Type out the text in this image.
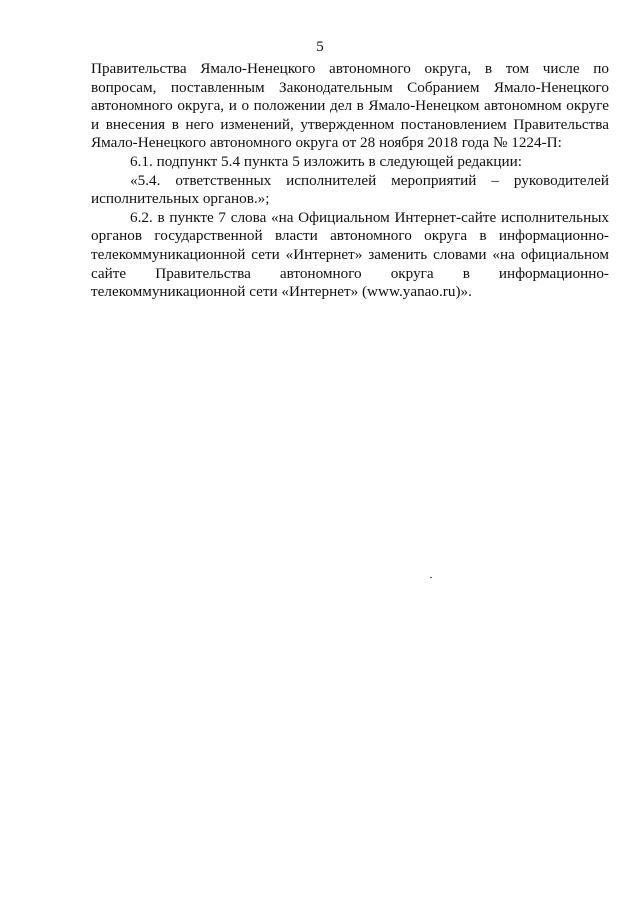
5

Правительства Ямало-Ненецкого автономного округа, в том числе по вопросам, поставленным Законодательным Собранием Ямало-Ненецкого автономного округа, и о положении дел в Ямало-Ненецком автономном округе и внесения в него изменений, утвержденном постановлением Правительства Ямало-Ненецкого автономного округа от 28 ноября 2018 года № 1224-П:

6.1. подпункт 5.4 пункта 5 изложить в следующей редакции:

«5.4. ответственных исполнителей мероприятий – руководителей исполнительных органов.»;

6.2. в пункте 7 слова «на Официальном Интернет-сайте исполнительных органов государственной власти автономного округа в информационно-телекоммуникационной сети «Интернет» заменить словами «на официальном сайте Правительства автономного округа в информационно-телекоммуникационной сети «Интернет» (www.yanao.ru)».
